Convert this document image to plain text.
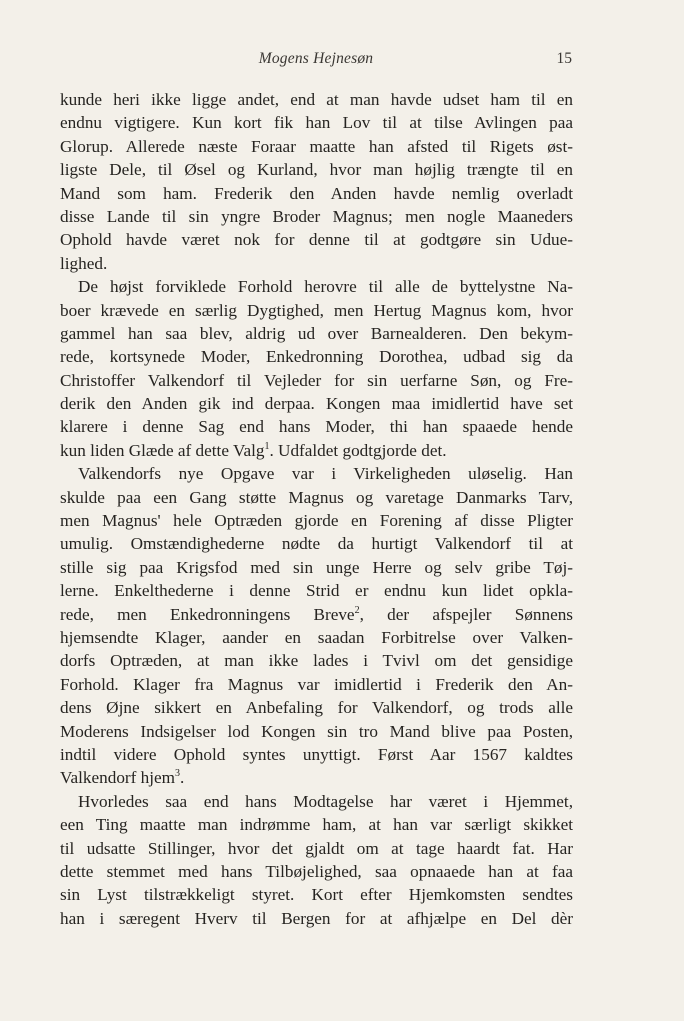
Mogens Hejnesøn	15
kunde heri ikke ligge andet, end at man havde udset ham til en
endnu vigtigere. Kun kort fik han Lov til at tilse Avlingen paa
Glorup. Allerede næste Foraar maatte han afsted til Rigets øst-
ligste Dele, til Øsel og Kurland, hvor man højlig trængte til en
Mand som ham. Frederik den Anden havde nemlig overladt
disse Lande til sin yngre Broder Magnus; men nogle Maaneders
Ophold havde været nok for denne til at godtgøre sin Udue-
lighed.
De højst forviklede Forhold herovre til alle de byttelystne Na-
boer krævede en særlig Dygtighed, men Hertug Magnus kom, hvor
gammel han saa blev, aldrig ud over Barnealderen. Den bekym-
rede, kortsynede Moder, Enkedronning Dorothea, udbad sig da
Christoffer Valkendorf til Vejleder for sin uerfarne Søn, og Fre-
derik den Anden gik ind derpaa. Kongen maa imidlertid have set
klarere i denne Sag end hans Moder, thi han spaaede hende
kun liden Glæde af dette Valg$^1$. Udfaldet godtgjorde det.
Valkendorfs nye Opgave var i Virkeligheden uløselig. Han
skulde paa een Gang støtte Magnus og varetage Danmarks Tarv,
men Magnus' hele Optræden gjorde en Forening af disse Pligter
umulig. Omstændighederne nødte da hurtigt Valkendorf til at
stille sig paa Krigsfod med sin unge Herre og selv gribe Tøj-
lerne. Enkelthederne i denne Strid er endnu kun lidet opkla-
rede, men Enkedronningens Breve$^2$, der afspejler Sønnens
hjemsendte Klager, aander en saadan Forbitrelse over Valken-
dorfs Optræden, at man ikke lades i Tvivl om det gensidige
Forhold. Klager fra Magnus var imidlertid i Frederik den An-
dens Øjne sikkert en Anbefaling for Valkendorf, og trods alle
Moderens Indsigelser lod Kongen sin tro Mand blive paa Posten,
indtil videre Ophold syntes unyttigt. Først Aar 1567 kaldtes
Valkendorf hjem$^3$.
Hvorledes saa end hans Modtagelse har været i Hjemmet,
een Ting maatte man indrømme ham, at han var særligt skikket
til udsatte Stillinger, hvor det gjaldt om at tage haardt fat. Har
dette stemmet med hans Tilbøjelighed, saa opnaaede han at faa
sin Lyst tilstrækkeligt styret. Kort efter Hjemkomsten sendtes
han i særegent Hverv til Bergen for at afhjælpe en Del dèr
